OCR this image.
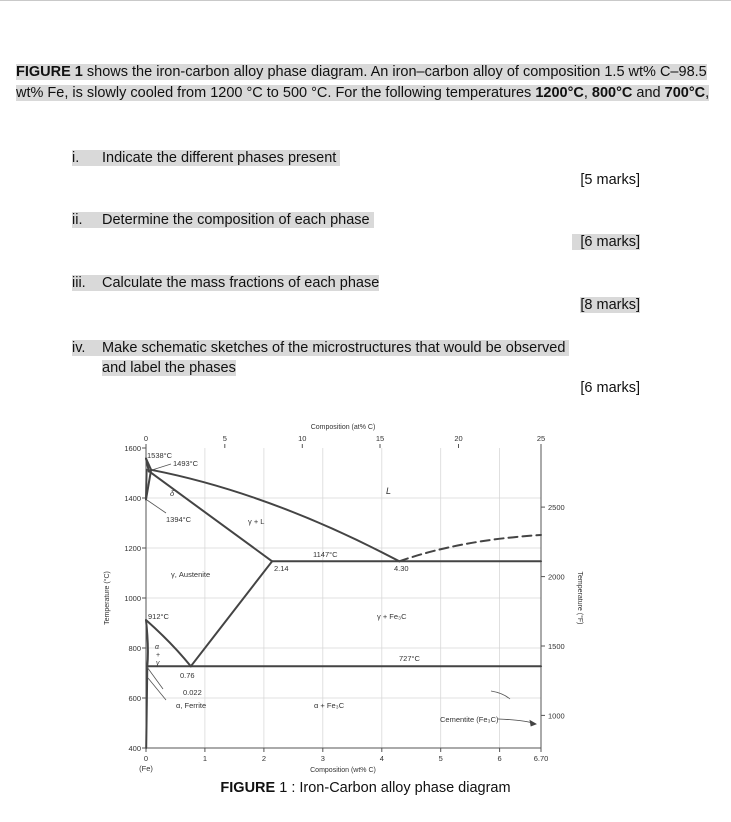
FIGURE 1 shows the iron-carbon alloy phase diagram. An iron–carbon alloy of composition 1.5 wt% C–98.5 wt% Fe, is slowly cooled from 1200 °C to 500 °C. For the following temperatures 1200°C, 800°C and 700°C,
i. Indicate the different phases present
[5 marks]
ii. Determine the composition of each phase
[6 marks]
iii. Calculate the mass fractions of each phase
[8 marks]
iv. Make schematic sketches of the microstructures that would be observed
and label the phases
[6 marks]
Composition (at% C)
0	5	10	15	20	25
1600
1400
1200
1000
800
600
400
Temperature (°C)
2500
2000
1500
1000
Temperature (°F)
0	1	2	3	4	5	6	6.70
(Fe)	Composition (wt% C)
1538°C
1493°C
δ	L
1394°C	γ + L
1147°C
2.14	4.30
γ, Austenite
912°C	γ + Fe₃C
727°C
α
+
γ
0.76
0.022
α, Ferrite	α + Fe₃C
Cementite (Fe₃C)
FIGURE 1 : Iron-Carbon alloy phase diagram
